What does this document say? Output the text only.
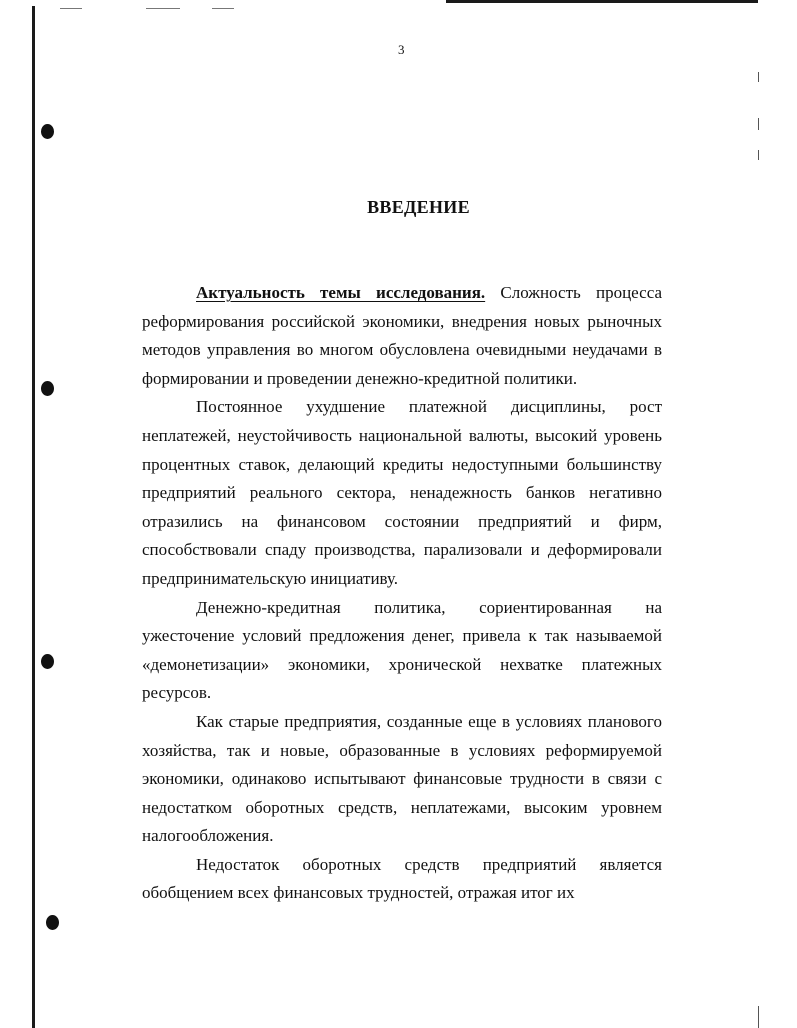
3
ВВЕДЕНИЕ

Актуальность темы исследования. Сложность процесса реформирования российской экономики, внедрения новых рыночных методов управления во многом обусловлена очевидными неудачами в формировании и проведении денежно-кредитной политики.

Постоянное ухудшение платежной дисциплины, рост неплатежей, неустойчивость национальной валюты, высокий уровень процентных ставок, делающий кредиты недоступными большинству предприятий реального сектора, ненадежность банков негативно отразились на финансовом состоянии предприятий и фирм, способствовали спаду производства, парализовали и деформировали предпринимательскую инициативу.

Денежно-кредитная политика, сориентированная на ужесточение условий предложения денег, привела к так называемой «демонетизации» экономики, хронической нехватке платежных ресурсов.

Как старые предприятия, созданные еще в условиях планового хозяйства, так и новые, образованные в условиях реформируемой экономики, одинаково испытывают финансовые трудности в связи с недостатком оборотных средств, неплатежами, высоким уровнем налогообложения.

Недостаток оборотных средств предприятий является обобщением всех финансовых трудностей, отражая итог их
